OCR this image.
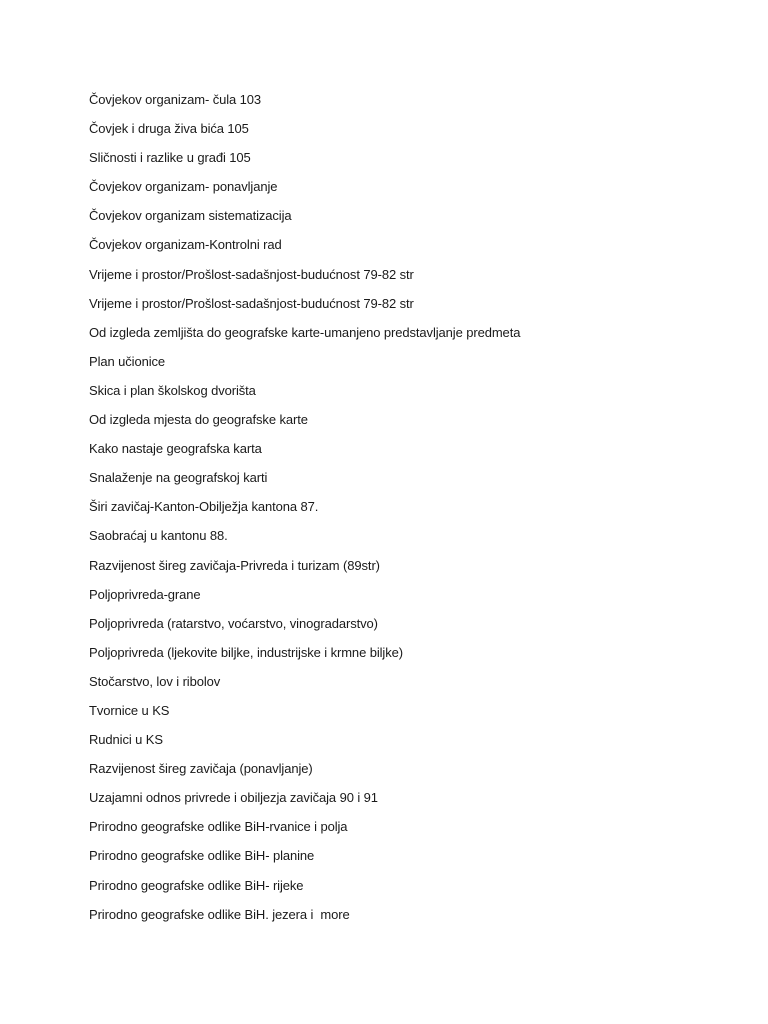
Čovjekov organizam- čula 103
Čovjek i druga živa bića 105
Sličnosti i razlike u građi 105
Čovjekov organizam- ponavljanje
Čovjekov organizam sistematizacija
Čovjekov organizam-Kontrolni rad
Vrijeme i prostor/Prošlost-sadašnjost-budućnost 79-82 str
Vrijeme i prostor/Prošlost-sadašnjost-budućnost 79-82 str
Od izgleda zemljišta do geografske karte-umanjeno predstavljanje predmeta
Plan učionice
Skica i plan školskog dvorišta
Od izgleda mjesta do geografske karte
Kako nastaje geografska karta
Snalaženje na geografskoj karti
Širi zavičaj-Kanton-Obilježja kantona 87.
Saobraćaj u kantonu 88.
Razvijenost šireg zavičaja-Privreda i turizam (89str)
Poljoprivreda-grane
Poljoprivreda (ratarstvo, voćarstvo, vinogradarstvo)
Poljoprivreda (ljekovite biljke, industrijske i krmne biljke)
Stočarstvo, lov i ribolov
Tvornice u KS
Rudnici u KS
Razvijenost šireg zavičaja (ponavljanje)
Uzajamni odnos privrede i obiljezja zavičaja 90 i 91
Prirodno geografske odlike BiH-rvanice i polja
Prirodno geografske odlike BiH- planine
Prirodno geografske odlike BiH- rijeke
Prirodno geografske odlike BiH. jezera i  more
